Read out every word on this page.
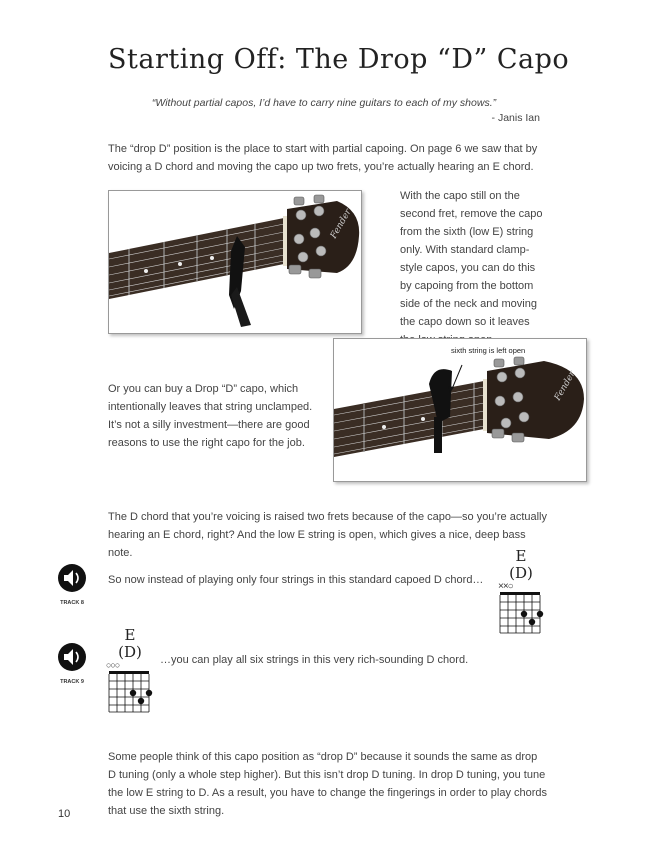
Starting Off: The Drop “D” Capo
“Without partial capos, I’d have to carry nine guitars to each of my shows.”
- Janis Ian
The “drop D” position is the place to start with partial capoing. On page 6 we saw that by
voicing a D chord and moving the capo up two frets, you’re actually hearing an E chord.
Fender
With the capo still on the
second fret, remove the capo
from the sixth (low E) string
only. With standard clamp-
style capos, you can do this
by capoing from the bottom
side of the neck and moving
the capo down so it leaves
Fender
sixth string is left open
Or you can buy a Drop “D” capo, which
intentionally leaves that string unclamped.
It’s not a silly investment—there are good
reasons to use the right capo for the job.
The D chord that you’re voicing is raised two frets because of the capo—so you’re actually
hearing an E chord, right? And the low E string is open, which gives a nice, deep bass note.
TRACK 8
So now instead of playing only four strings in this standard capoed D chord…
E
(D)
××○
TRACK 9
E
(D)
○○○	…you can play all six strings in this very rich-sounding D chord.
Some people think of this capo position as “drop D” because it sounds the same as drop
D tuning (only a whole step higher). But this isn’t drop D tuning. In drop D tuning, you tune
the low E string to D. As a result, you have to change the fingerings in order to play chords
that use the sixth string.
10
